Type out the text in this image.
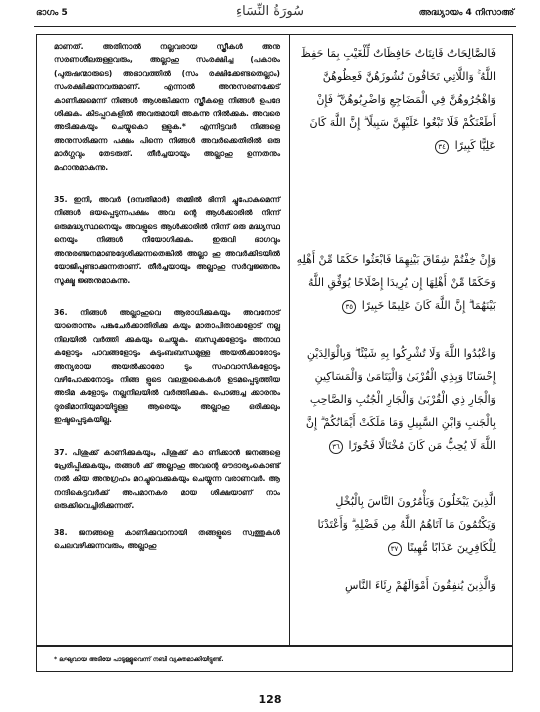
ഭാഗം 5	سُورَةُ النِّسَاءِ	അദ്ധ്യായം 4 നിസാഅ്

മാണത്. അതിനാൽ നല്ലവരായ സ്ത്രീകൾ അനു സരണശീലരുള്ളവരും, അല്ലാഹു സംരക്ഷിച്ച (പകാരം (പുരുഷന്മാരുടെ) അഭാവത്തിൽ (സം രക്ഷിക്കേണ്ടതെല്ലാം) സംരക്ഷിക്കുന്നവരുമാണ്. എന്നാൽ അനുസരണക്കേട് കാണിക്കുമെന്ന് നിങ്ങൾ ആശങ്കിക്കുന്ന സ്ത്രീകളെ നിങ്ങൾ ഉപദേ ശിക്കുക. കിടപ്പറകളിൽ അവരുമായി അകന്നു നിൽക്കുക. അവരെ അടിക്കുകയും ചെയ്യുകൊ ള്ളുക.* എന്നിട്ടവർ നിങ്ങളെ അനുസരിക്കുന്ന പക്ഷം പിന്നെ നിങ്ങൾ അവർക്കെതിരിൽ ഒരു മാർഗ്ഗവും തേടരുത്. തീർച്ചയായും അല്ലാഹു ഉന്നതനും മഹാനുമാകുന്നു.

35. ഇനി, അവർ (ദമ്പതിമാർ) തമ്മിൽ ഭിന്നി ച്ചുപോകുമെന്ന് നിങ്ങൾ ഭയപ്പെടുന്നപക്ഷം അവ ന്റെ ആൾക്കാരിൽ നിന്ന് ഒരുമദ്ധ്യസ്ഥനെയും അവളുടെ ആൾക്കാരിൽ നിന്ന് ഒരു മദ്ധ്യസ്ഥ നെയും നിങ്ങൾ നിയോഗിക്കുക. ഇരുവി ഭാഗവും അനുരഞ്ജനമാണുദ്ദേശിക്കുന്നതെങ്കിൽ അല്ലാ ഹു അവർക്കിടയിൽ യോജിപ്പുണ്ടാക്കുന്നതാണ്. തീർച്ചയായും അല്ലാഹു സർവ്വജ്ഞനും സൂക്ഷ്മ ജ്ഞനുമാകുന്നു.

36. നിങ്ങൾ അല്ലാഹുവെ ആരാധിക്കുകയും അവനോട് യാതൊന്നും പങ്കുചേർക്കാതിരിക്കു കയും മാതാപിതാക്കളോട് നല്ല നിലയിൽ വർത്തി ക്കുകയും ചെയ്യുക. ബന്ധുക്കളോടും അനാഥ കളോടും പാവങ്ങളോടും കുടുംബബന്ധമുള്ള അയൽക്കാരോടും അന്യരായ അയൽക്കാരോ ടും സഹവാസികളോടും വഴിപോക്കനോടും നിങ്ങ ളുടെ വലതുകൈകൾ ഉടമപ്പെടുത്തിയ അടിമ കളോടും നല്ലനിലയിൽ വർത്തിക്കുക. പൊങ്ങച്ച ക്കാരനും ദുരഭിമാനിയുമായിട്ടുള്ള ആരെയും അല്ലാഹു ഒരിക്കലും ഇഷ്ടപ്പെടുകയില്ല.

37. പിശുക്ക് കാണിക്കുകയും, പിശുക്ക് കാ ണിക്കാൻ ജനങ്ങളെ പ്രേരിപ്പിക്കുകയും, തങ്ങൾ ക്ക് അല്ലാഹു അവന്റെ ഔദാര്യംകൊണ്ട് നൽ കിയ അനുഗ്രഹം മറച്ചുവെക്കുകയും ചെയ്യുന്ന വരാണവർ. ആ നന്ദികെട്ടവർക്ക് അപമാനകര മായ ശിക്ഷയാണ് നാം ഒരുക്കിവെച്ചിരിക്കുന്നത്.

38. ജനങ്ങളെ കാണിക്കുവാനായി തങ്ങളുടെ സ്വത്തുകൾ ചെലവഴിക്കുന്നവരും, അല്ലാഹു

فَالصَّالِحَاتُ قَانِتَاتٌ حَافِظَاتٌ لِّلْغَيْبِ بِمَا حَفِظَ اللَّهُ ۚ وَاللَّاتِي تَخَافُونَ نُشُوزَهُنَّ فَعِظُوهُنَّ وَاهْجُرُوهُنَّ فِي الْمَضَاجِعِ وَاضْرِبُوهُنَّ ۖ فَإِنْ أَطَعْنَكُمْ فَلَا تَبْغُوا عَلَيْهِنَّ سَبِيلًا ۗ إِنَّ اللَّهَ كَانَ عَلِيًّا كَبِيرًا ٣٤
وَإِنْ خِفْتُمْ شِقَاقَ بَيْنِهِمَا فَابْعَثُوا حَكَمًا مِّنْ أَهْلِهِ وَحَكَمًا مِّنْ أَهْلِهَا إِن يُرِيدَا إِصْلَاحًا يُوَفِّقِ اللَّهُ بَيْنَهُمَا ۗ إِنَّ اللَّهَ كَانَ عَلِيمًا خَبِيرًا ٣٥
وَاعْبُدُوا اللَّهَ وَلَا تُشْرِكُوا بِهِ شَيْئًا ۖ وَبِالْوَالِدَيْنِ إِحْسَانًا وَبِذِي الْقُرْبَىٰ وَالْيَتَامَىٰ وَالْمَسَاكِينِ وَالْجَارِ ذِي الْقُرْبَىٰ وَالْجَارِ الْجُنُبِ وَالصَّاحِبِ بِالْجَنبِ وَابْنِ السَّبِيلِ وَمَا مَلَكَتْ أَيْمَانُكُمْ ۗ إِنَّ اللَّهَ لَا يُحِبُّ مَن كَانَ مُخْتَالًا فَخُورًا ٣٦
الَّذِينَ يَبْخَلُونَ وَيَأْمُرُونَ النَّاسَ بِالْبُخْلِ وَيَكْتُمُونَ مَا آتَاهُمُ اللَّهُ مِن فَضْلِهِ ۗ وَأَعْتَدْنَا لِلْكَافِرِينَ عَذَابًا مُّهِينًا ٣٧
وَالَّذِينَ يُنفِقُونَ أَمْوَالَهُمْ رِئَاءَ النَّاسِ
* ലഘുവായ അടിയേ പാടുള്ളൂവെന്ന് നബി വ്യക്തമാക്കിയിട്ടുണ്ട്.
128
